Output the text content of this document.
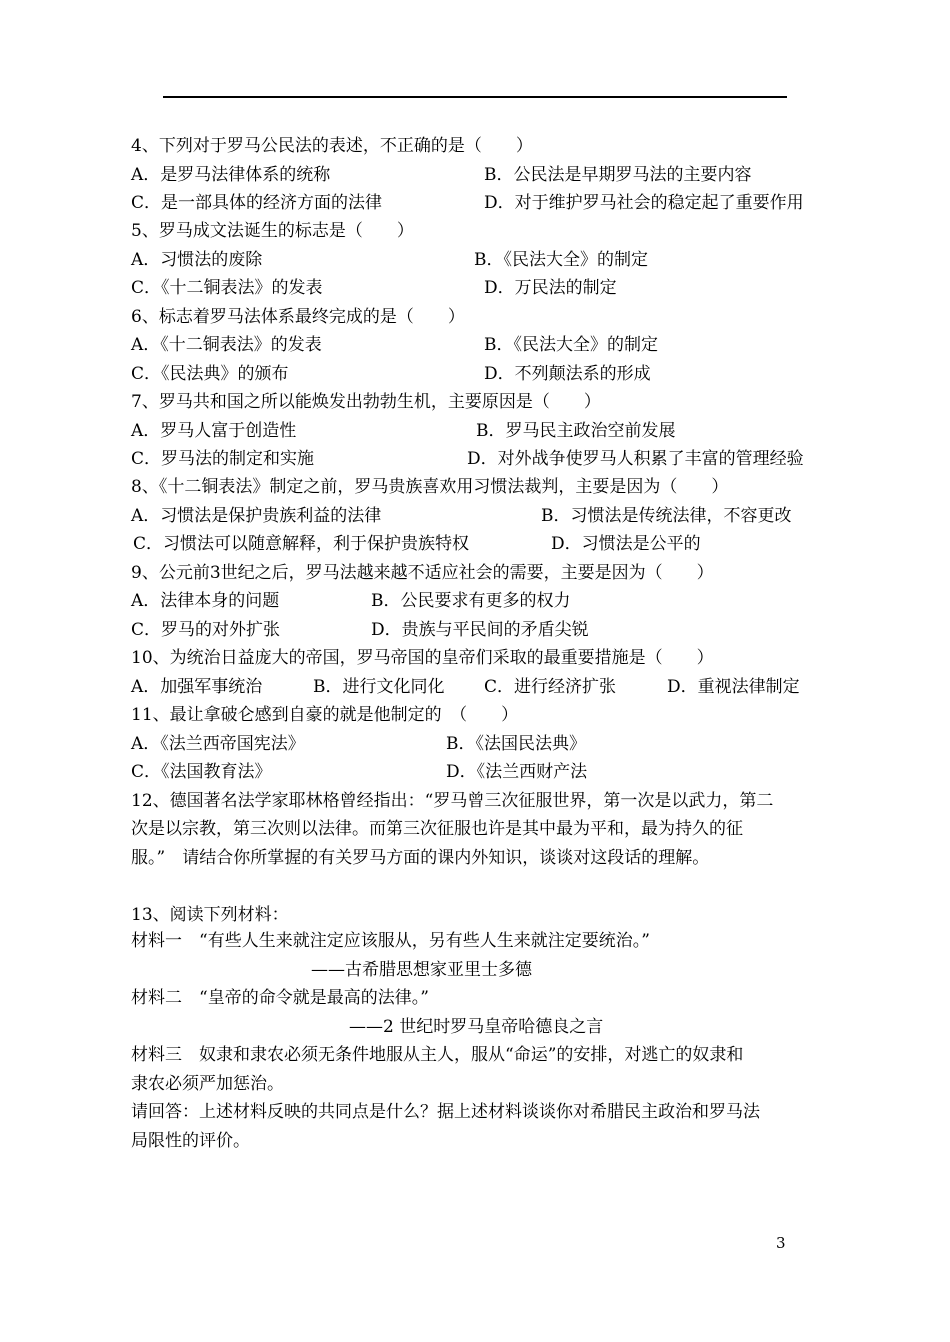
4、下列对于罗马公民法的表述，不正确的是（　　）
A．是罗马法律体系的统称	B．公民法是早期罗马法的主要内容
C．是一部具体的经济方面的法律	D．对于维护罗马社会的稳定起了重要作用
5、罗马成文法诞生的标志是（　　）
A．习惯法的废除	B．《民法大全》的制定
C．《十二铜表法》的发表	D．万民法的制定
6、标志着罗马法体系最终完成的是（　　）
A．《十二铜表法》的发表	B．《民法大全》的制定
C．《民法典》的颁布	D．不列颠法系的形成
7、罗马共和国之所以能焕发出勃勃生机，主要原因是（　　）
A．罗马人富于创造性	B．罗马民主政治空前发展
C．罗马法的制定和实施	D．对外战争使罗马人积累了丰富的管理经验
8、《十二铜表法》制定之前，罗马贵族喜欢用习惯法裁判，主要是因为（　　）
A．习惯法是保护贵族利益的法律	B．习惯法是传统法律，不容更改
C．习惯法可以随意解释，利于保护贵族特权	D．习惯法是公平的
9、公元前3世纪之后，罗马法越来越不适应社会的需要，主要是因为（　　）
A．法律本身的问题	B．公民要求有更多的权力
C．罗马的对外扩张	D．贵族与平民间的矛盾尖锐
10、为统治日益庞大的帝国，罗马帝国的皇帝们采取的最重要措施是（　　）
A．加强军事统治	B．进行文化同化 C．进行经济扩张	D．重视法律制定
11、最让拿破仑感到自豪的就是他制定的　（　　）
A．《法兰西帝国宪法》	B．《法国民法典》
C．《法国教育法》	D．《法兰西财产法
12、德国著名法学家耶林格曾经指出：“罗马曾三次征服世界，第一次是以武力，第二
次是以宗教，第三次则以法律。而第三次征服也许是其中最为平和，最为持久的征
服。”　请结合你所掌握的有关罗马方面的课内外知识，谈谈对这段话的理解。
13、阅读下列材料：
材料一　“有些人生来就注定应该服从，另有些人生来就注定要统治。”
——古希腊思想家亚里士多德
材料二　“皇帝的命令就是最高的法律。”
——2 世纪时罗马皇帝哈德良之言
材料三　奴隶和隶农必须无条件地服从主人，服从“命运”的安排，对逃亡的奴隶和
隶农必须严加惩治。
请回答：上述材料反映的共同点是什么？据上述材料谈谈你对希腊民主政治和罗马法
局限性的评价。
3
